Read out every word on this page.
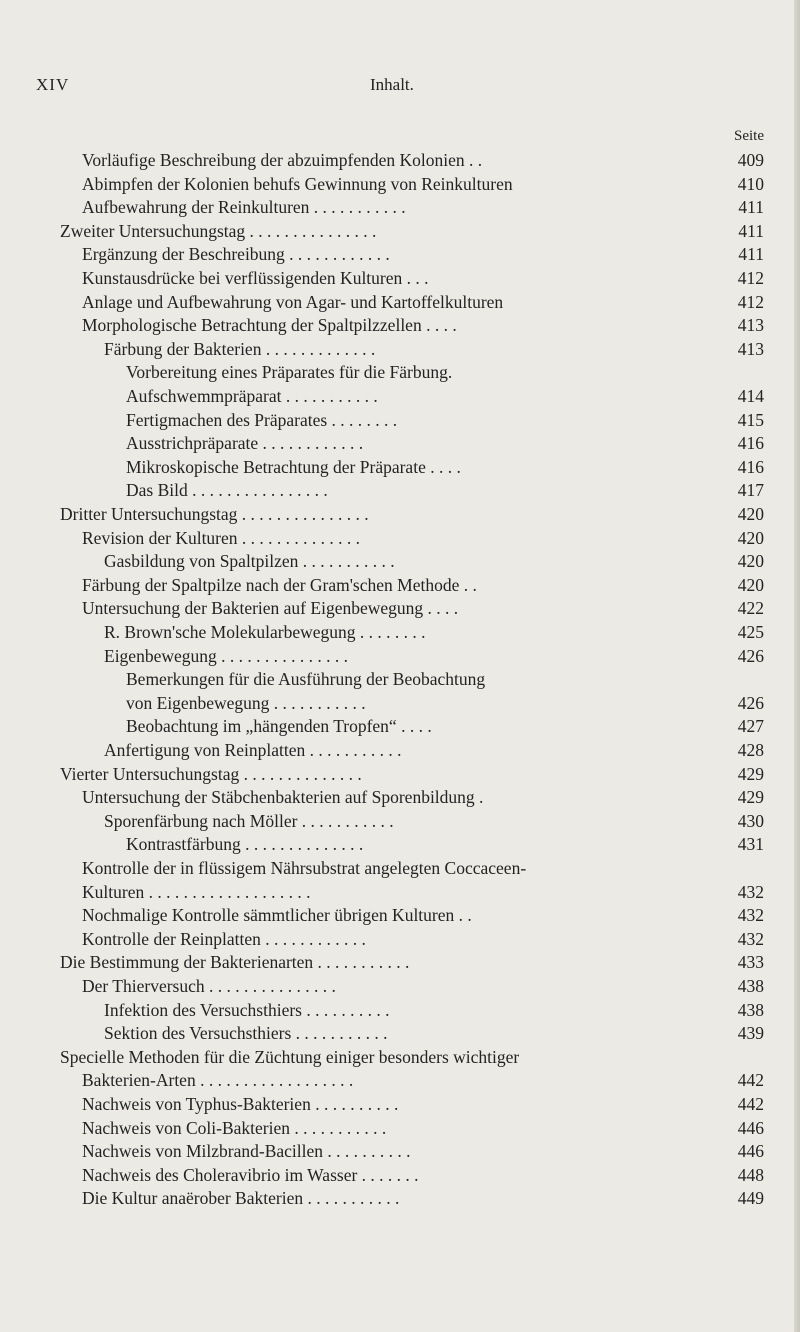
XIV	Inhalt.
Seite
Vorläufige Beschreibung der abzuimpfenden Kolonien . .	409
Abimpfen der Kolonien behufs Gewinnung von Reinkulturen	410
Aufbewahrung der Reinkulturen . . . . . . . . . . .	411
Zweiter Untersuchungstag . . . . . . . . . . . . . . .	411
Ergänzung der Beschreibung . . . . . . . . . . . .	411
Kunstausdrücke bei verflüssigenden Kulturen . . .	412
Anlage und Aufbewahrung von Agar- und Kartoffelkulturen	412
Morphologische Betrachtung der Spaltpilzzellen . . . .	413
Färbung der Bakterien . . . . . . . . . . . . .	413
Vorbereitung eines Präparates für die Färbung.
Aufschwemmpräparat . . . . . . . . . . .	414
Fertigmachen des Präparates . . . . . . . .	415
Ausstrichpräparate . . . . . . . . . . . .	416
Mikroskopische Betrachtung der Präparate . . . .	416
Das Bild . . . . . . . . . . . . . . . .	417
Dritter Untersuchungstag . . . . . . . . . . . . . . .	420
Revision der Kulturen . . . . . . . . . . . . . .	420
Gasbildung von Spaltpilzen . . . . . . . . . . .	420
Färbung der Spaltpilze nach der Gram'schen Methode . .	420
Untersuchung der Bakterien auf Eigenbewegung . . . .	422
R. Brown'sche Molekularbewegung . . . . . . . .	425
Eigenbewegung . . . . . . . . . . . . . . .	426
Bemerkungen für die Ausführung der Beobachtung
von Eigenbewegung . . . . . . . . . . .	426
Beobachtung im „hängenden Tropfen“ . . . .	427
Anfertigung von Reinplatten . . . . . . . . . . .	428
Vierter Untersuchungstag . . . . . . . . . . . . . .	429
Untersuchung der Stäbchenbakterien auf Sporenbildung .	429
Sporenfärbung nach Möller . . . . . . . . . . .	430
Kontrastfärbung . . . . . . . . . . . . . .	431
Kontrolle der in flüssigem Nährsubstrat angelegten Coccaceen-
Kulturen . . . . . . . . . . . . . . . . . . .	432
Nochmalige Kontrolle sämmtlicher übrigen Kulturen . .	432
Kontrolle der Reinplatten . . . . . . . . . . . .	432
Die Bestimmung der Bakterienarten . . . . . . . . . . .	433
Der Thierversuch . . . . . . . . . . . . . . .	438
Infektion des Versuchsthiers . . . . . . . . . .	438
Sektion des Versuchsthiers . . . . . . . . . . .	439
Specielle Methoden für die Züchtung einiger besonders wichtiger
Bakterien-Arten . . . . . . . . . . . . . . . . . .	442
Nachweis von Typhus-Bakterien . . . . . . . . . .	442
Nachweis von Coli-Bakterien . . . . . . . . . . .	446
Nachweis von Milzbrand-Bacillen . . . . . . . . . .	446
Nachweis des Choleravibrio im Wasser . . . . . . .	448
Die Kultur anaërober Bakterien . . . . . . . . . . .	449
